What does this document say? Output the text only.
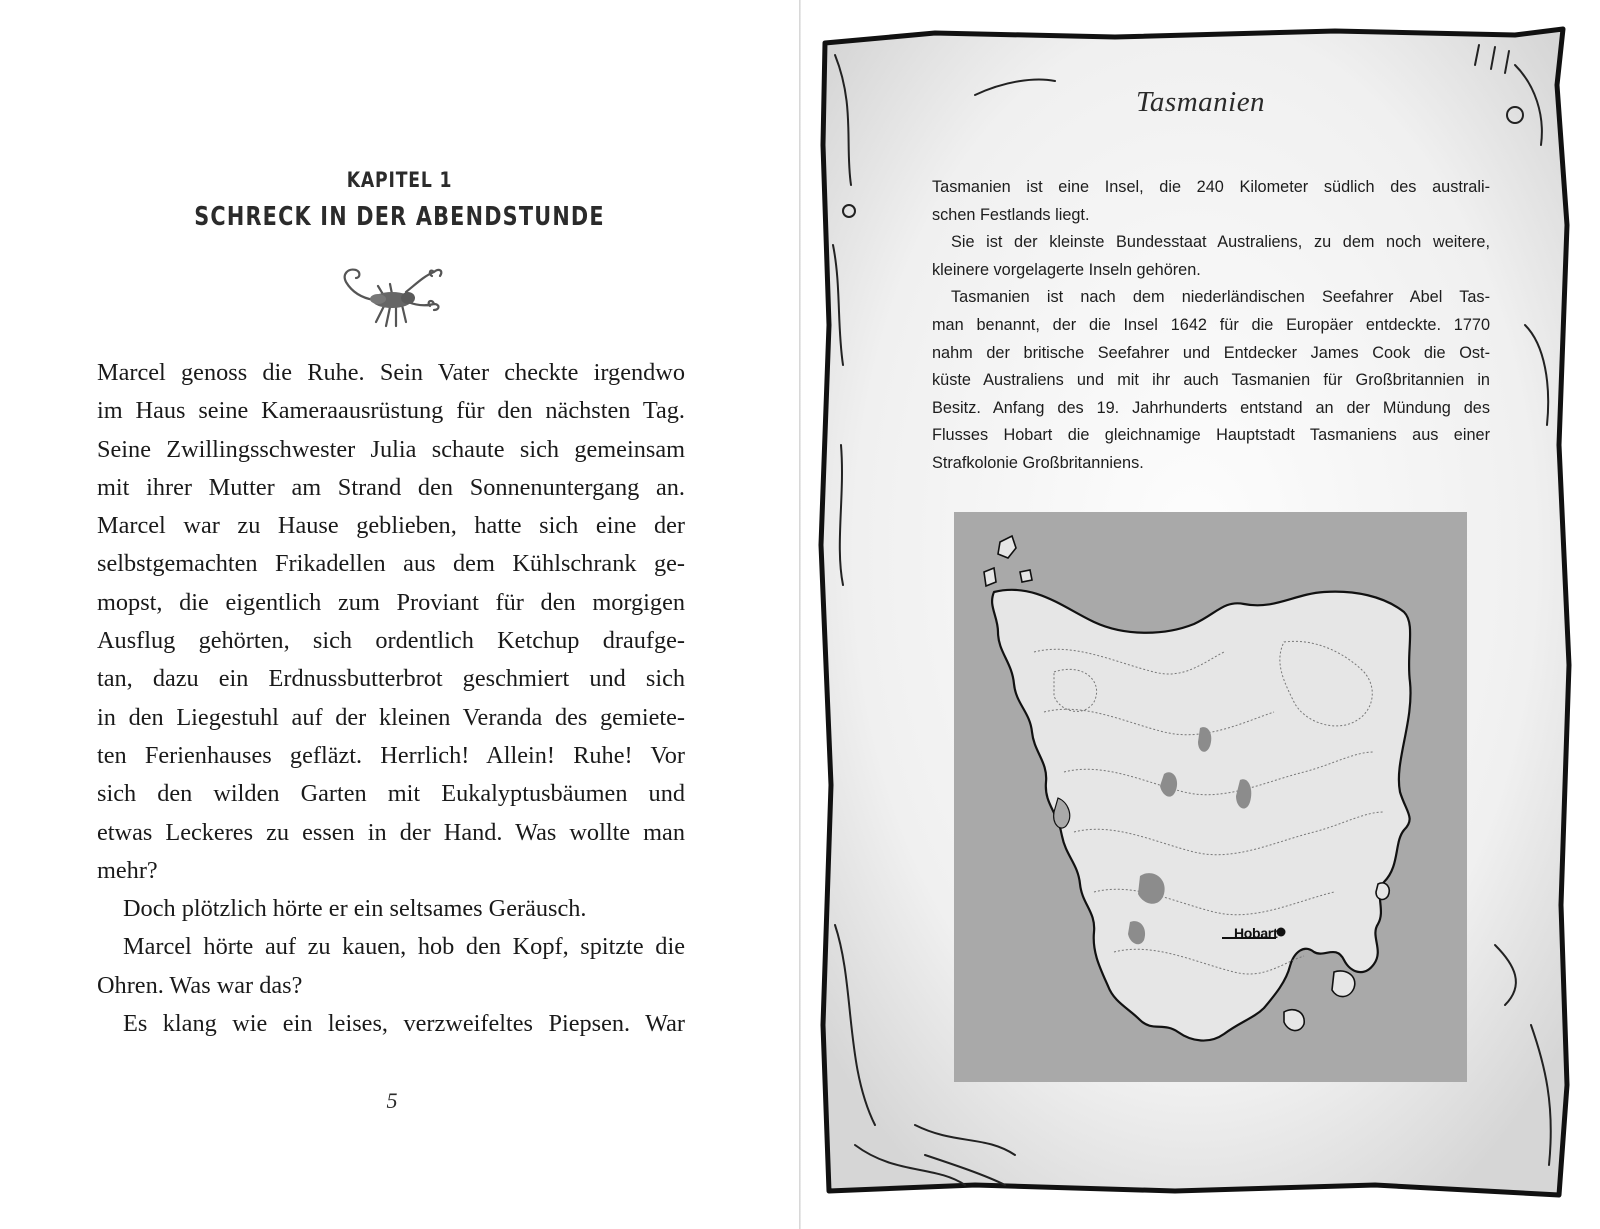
KAPITEL 1
SCHRECK IN DER ABENDSTUNDE
Marcel genoss die Ruhe. Sein Vater checkte irgendwo
im Haus seine Kameraausrüstung für den nächsten Tag.
Seine Zwillingsschwester Julia schaute sich gemeinsam
mit ihrer Mutter am Strand den Sonnenuntergang an.
Marcel war zu Hause geblieben, hatte sich eine der
selbstgemachten Frikadellen aus dem Kühlschrank ge-
mopst, die eigentlich zum Proviant für den morgigen
Ausflug gehörten, sich ordentlich Ketchup draufge-
tan, dazu ein Erdnussbutterbrot geschmiert und sich
in den Liegestuhl auf der kleinen Veranda des gemiete-
ten Ferienhauses gefläzt. Herrlich! Allein! Ruhe! Vor
sich den wilden Garten mit Eukalyptusbäumen und
etwas Leckeres zu essen in der Hand. Was wollte man
mehr?
Doch plötzlich hörte er ein seltsames Geräusch.
Marcel hörte auf zu kauen, hob den Kopf, spitzte die
Ohren. Was war das?
Es klang wie ein leises, verzweifeltes Piepsen. War
5
Tasmanien
Tasmanien ist eine Insel, die 240 Kilometer südlich des australi-
schen Festlands liegt.
Sie ist der kleinste Bundesstaat Australiens, zu dem noch weitere,
kleinere vorgelagerte Inseln gehören.
Tasmanien ist nach dem niederländischen Seefahrer Abel Tas-
man benannt, der die Insel 1642 für die Europäer entdeckte. 1770
nahm der britische Seefahrer und Entdecker James Cook die Ost-
küste Australiens und mit ihr auch Tasmanien für Großbritannien in
Besitz. Anfang des 19. Jahrhunderts entstand an der Mündung des
Flusses Hobart die gleichnamige Hauptstadt Tasmaniens aus einer
Strafkolonie Großbritanniens.
Hobart
